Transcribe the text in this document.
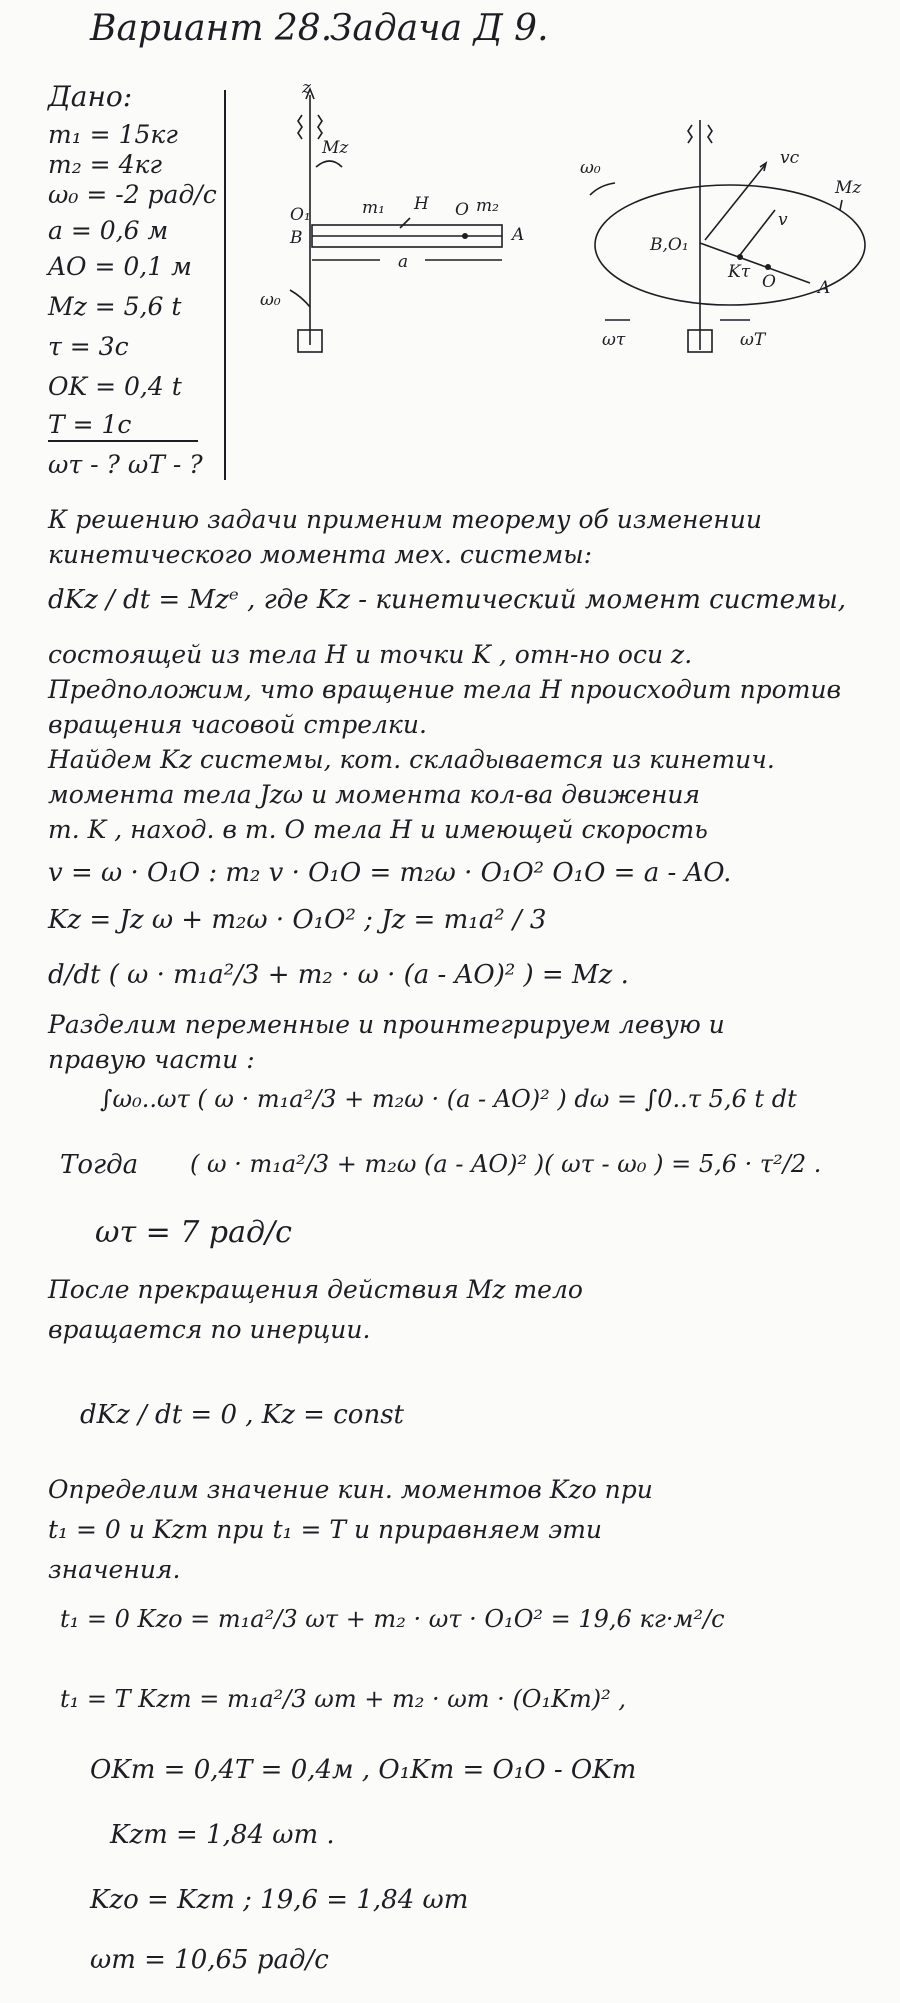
Вариант 28.
Задача Д 9.
Дано:
m₁ = 15кг
m₂ = 4кг
ω₀ = -2 рад/с
a = 0,6 м
AO = 0,1 м
Mz = 5,6 t
τ = 3с
OK = 0,4 t
T = 1с
ωτ - ? ωT - ?
z
Mz
O₁
B
m₁ H O m₂
A
a
ω₀
vc
ω₀
B,O₁
v
Mz
Kτ O A
ωτ	ωT
К решению задачи применим теорему об изменении
кинетического момента мех. системы:
dKz / dt = Mzᵉ , где Kz - кинетический момент системы,
состоящей из тела H и точки K , отн-но оси z.
Предположим, что вращение тела H происходит против
вращения часовой стрелки.
Найдем Kz системы, кот. складывается из кинетич.
момента тела Jzω и момента кол-ва движения
т. K , наход. в т. O тела H и имеющей скорость
v = ω · O₁O : m₂ v · O₁O = m₂ω · O₁O² O₁O = a - AO.
Kz = Jz ω + m₂ω · O₁O² ; Jz = m₁a² / 3
d/dt ( ω · m₁a²/3 + m₂ · ω · (a - AO)² ) = Mz .
Разделим переменные и проинтегрируем левую и
правую части :
∫ω₀..ωτ ( ω · m₁a²/3 + m₂ω · (a - AO)² ) dω = ∫0..τ 5,6 t dt
Тогда ( ω · m₁a²/3 + m₂ω (a - AO)² )( ωτ - ω₀ ) = 5,6 · τ²/2 .
ωτ = 7 рад/с
После прекращения действия Mz тело
вращается по инерции.
dKz / dt = 0 , Kz = const
Определим значение кин. моментов Kzo при
t₁ = 0 и Kzт при t₁ = T и приравняем эти
значения.
t₁ = 0 Kzo = m₁a²/3 ωτ + m₂ · ωτ · O₁O² = 19,6 кг·м²/с
t₁ = T Kzт = m₁a²/3 ωт + m₂ · ωт · (O₁Kт)² ,
OKт = 0,4T = 0,4м , O₁Kт = O₁O - OKт
Kzт = 1,84 ωт .
Kzo = Kzт ; 19,6 = 1,84 ωт
ωт = 10,65 рад/с
